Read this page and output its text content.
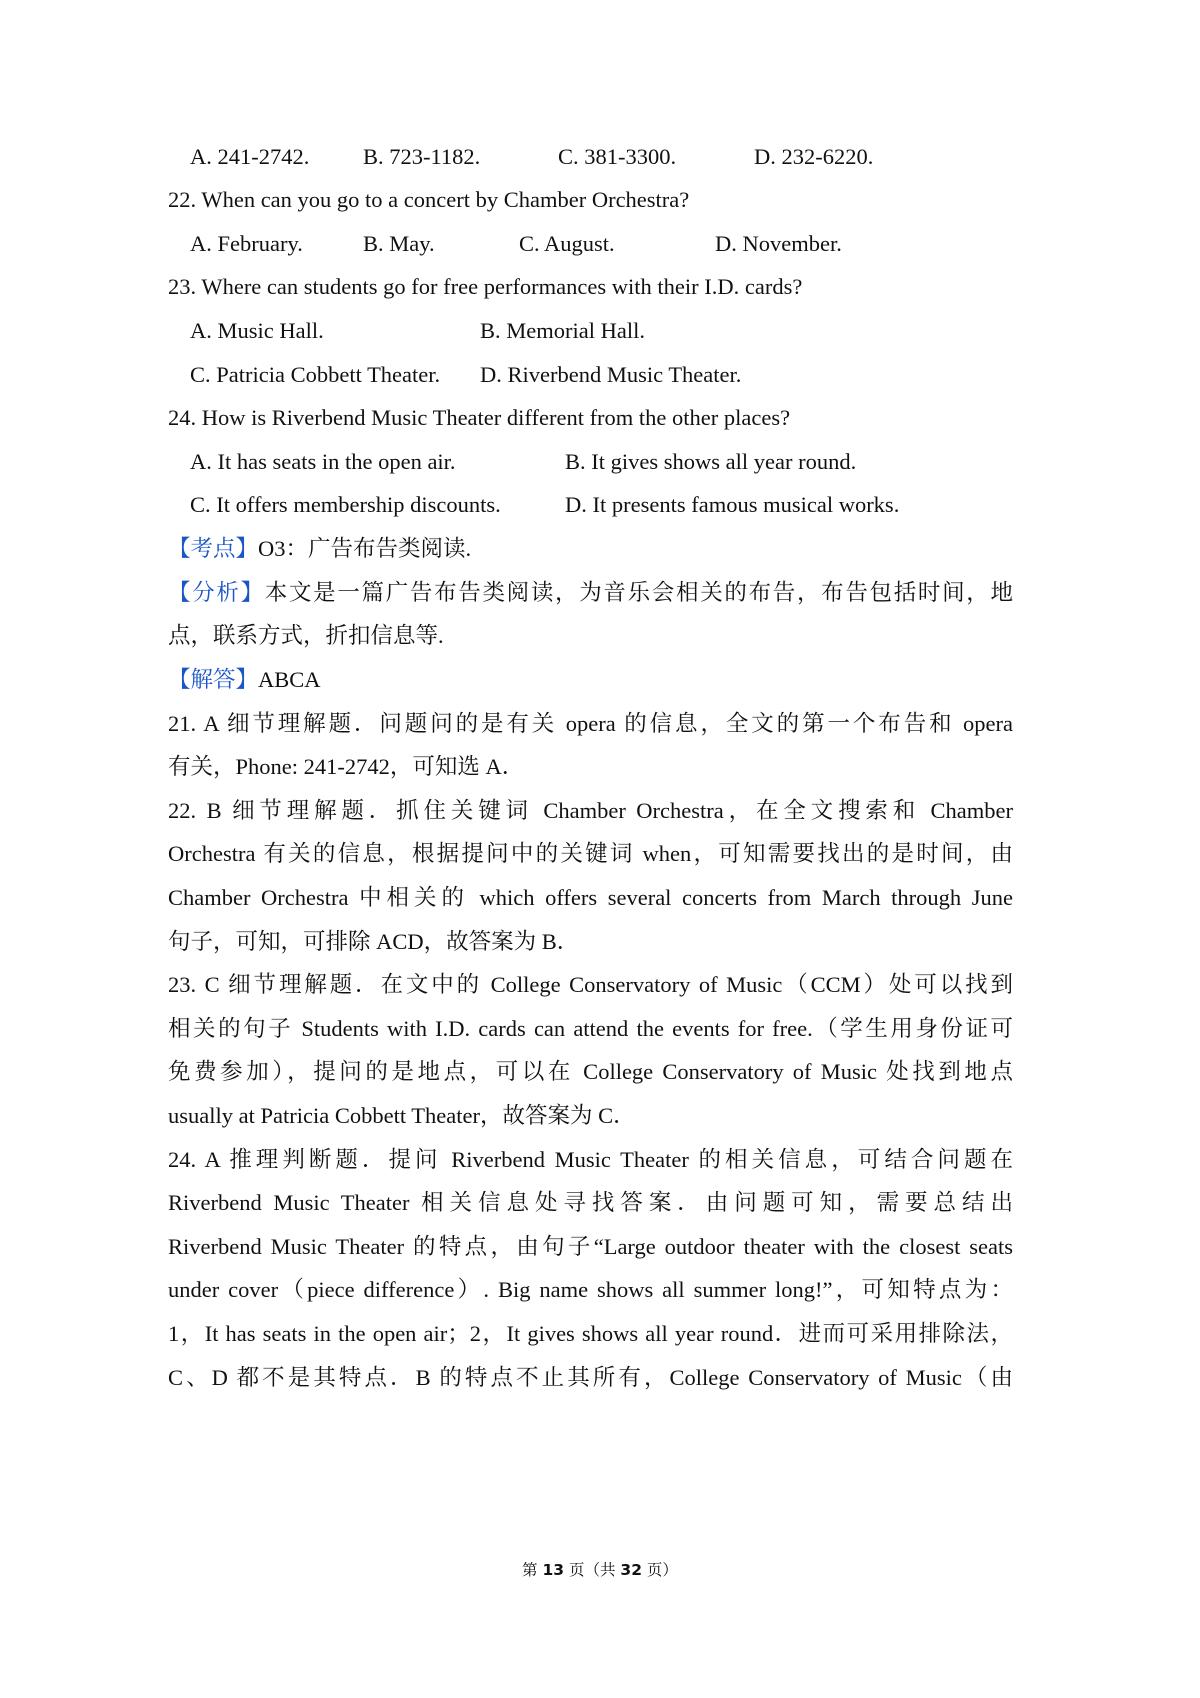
A. 241-2742. B. 723-1182.	C. 381-3300.	D. 232-6220.
22. When can you go to a concert by Chamber Orchestra?
A. February.	B. May.	C. August.	D. November.
23. Where can students go for free performances with their I.D. cards?
A. Music Hall.	B. Memorial Hall.
C. Patricia Cobbett Theater. D. Riverbend Music Theater.
24. How is Riverbend Music Theater different from the other places?
A. It has seats in the open air.	B. It gives shows all year round.
C. It offers membership discounts.	D. It presents famous musical works.
【考点】O3：广告布告类阅读.
【分析】本文是一篇广告布告类阅读，为音乐会相关的布告，布告包括时间，地
点，联系方式，折扣信息等.
【解答】ABCA
21. A 细节理解题．问题问的是有关 opera 的信息，全文的第一个布告和 opera
有关，Phone: 241-2742，可知选 A．
22. B 细节理解题．抓住关键词 Chamber Orchestra，在全文搜索和 Chamber
Orchestra 有关的信息，根据提问中的关键词 when，可知需要找出的是时间，由
Chamber Orchestra 中相关的 which offers several concerts from March through June
句子，可知，可排除 ACD，故答案为 B．
23. C 细节理解题．在文中的 College Conservatory of Music（CCM）处可以找到
相关的句子 Students with I.D. cards can attend the events for free.（学生用身份证可
免费参加），提问的是地点，可以在 College Conservatory of Music 处找到地点
usually at Patricia Cobbett Theater，故答案为 C．
24. A 推理判断题．提问 Riverbend Music Theater 的相关信息，可结合问题在
Riverbend Music Theater 相关信息处寻找答案．由问题可知，需要总结出
Riverbend Music Theater 的特点，由句子“Large outdoor theater with the closest seats
under cover（piece difference）. Big name shows all summer long!”，可知特点为：
1，It has seats in the open air；2，It gives shows all year round．进而可采用排除法，
C、D 都不是其特点．B 的特点不止其所有，College Conservatory of Music（由
第 13 页（共 32 页）
